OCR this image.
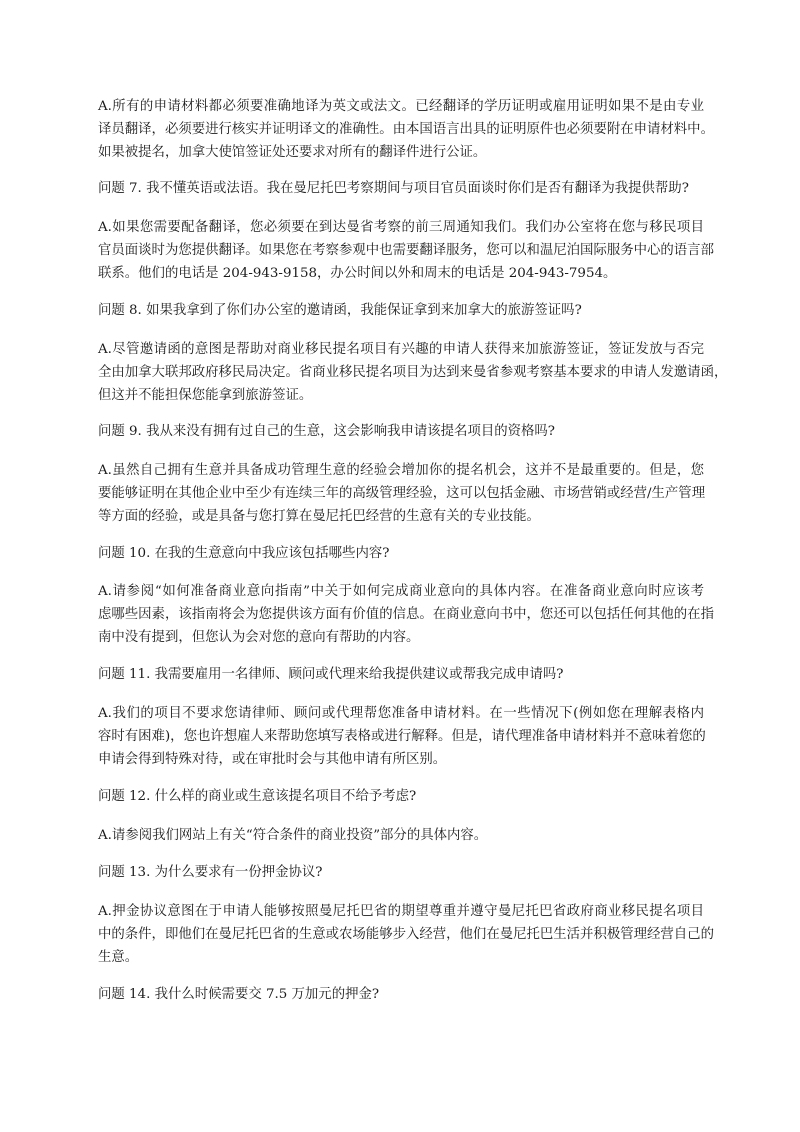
A.所有的申请材料都必须要准确地译为英文或法文。已经翻译的学历证明或雇用证明如果不是由专业
译员翻译，必须要进行核实并证明译文的准确性。由本国语言出具的证明原件也必须要附在申请材料中。
如果被提名，加拿大使馆签证处还要求对所有的翻译件进行公证。

问题 7. 我不懂英语或法语。我在曼尼托巴考察期间与项目官员面谈时你们是否有翻译为我提供帮助?

A.如果您需要配备翻译，您必须要在到达曼省考察的前三周通知我们。我们办公室将在您与移民项目
官员面谈时为您提供翻译。如果您在考察参观中也需要翻译服务，您可以和温尼泊国际服务中心的语言部
联系。他们的电话是 204-943-9158，办公时间以外和周末的电话是 204-943-7954。

问题 8. 如果我拿到了你们办公室的邀请函，我能保证拿到来加拿大的旅游签证吗?

A.尽管邀请函的意图是帮助对商业移民提名项目有兴趣的申请人获得来加旅游签证，签证发放与否完
全由加拿大联邦政府移民局决定。省商业移民提名项目为达到来曼省参观考察基本要求的申请人发邀请函，
但这并不能担保您能拿到旅游签证。

问题 9. 我从来没有拥有过自己的生意，这会影响我申请该提名项目的资格吗?

A.虽然自己拥有生意并具备成功管理生意的经验会增加你的提名机会，这并不是最重要的。但是，您
要能够证明在其他企业中至少有连续三年的高级管理经验，这可以包括金融、市场营销或经营/生产管理
等方面的经验，或是具备与您打算在曼尼托巴经营的生意有关的专业技能。

问题 10. 在我的生意意向中我应该包括哪些内容?

A.请参阅“如何准备商业意向指南”中关于如何完成商业意向的具体内容。在准备商业意向时应该考
虑哪些因素，该指南将会为您提供该方面有价值的信息。在商业意向书中，您还可以包括任何其他的在指
南中没有提到，但您认为会对您的意向有帮助的内容。

问题 11. 我需要雇用一名律师、顾问或代理来给我提供建议或帮我完成申请吗?

A.我们的项目不要求您请律师、顾问或代理帮您准备申请材料。在一些情况下(例如您在理解表格内
容时有困难)，您也许想雇人来帮助您填写表格或进行解释。但是，请代理准备申请材料并不意味着您的
申请会得到特殊对待，或在审批时会与其他申请有所区别。

问题 12. 什么样的商业或生意该提名项目不给予考虑?

A.请参阅我们网站上有关“符合条件的商业投资”部分的具体内容。

问题 13. 为什么要求有一份押金协议?

A.押金协议意图在于申请人能够按照曼尼托巴省的期望尊重并遵守曼尼托巴省政府商业移民提名项目
中的条件，即他们在曼尼托巴省的生意或农场能够步入经营，他们在曼尼托巴生活并积极管理经营自己的
生意。

问题 14. 我什么时候需要交 7.5 万加元的押金?
